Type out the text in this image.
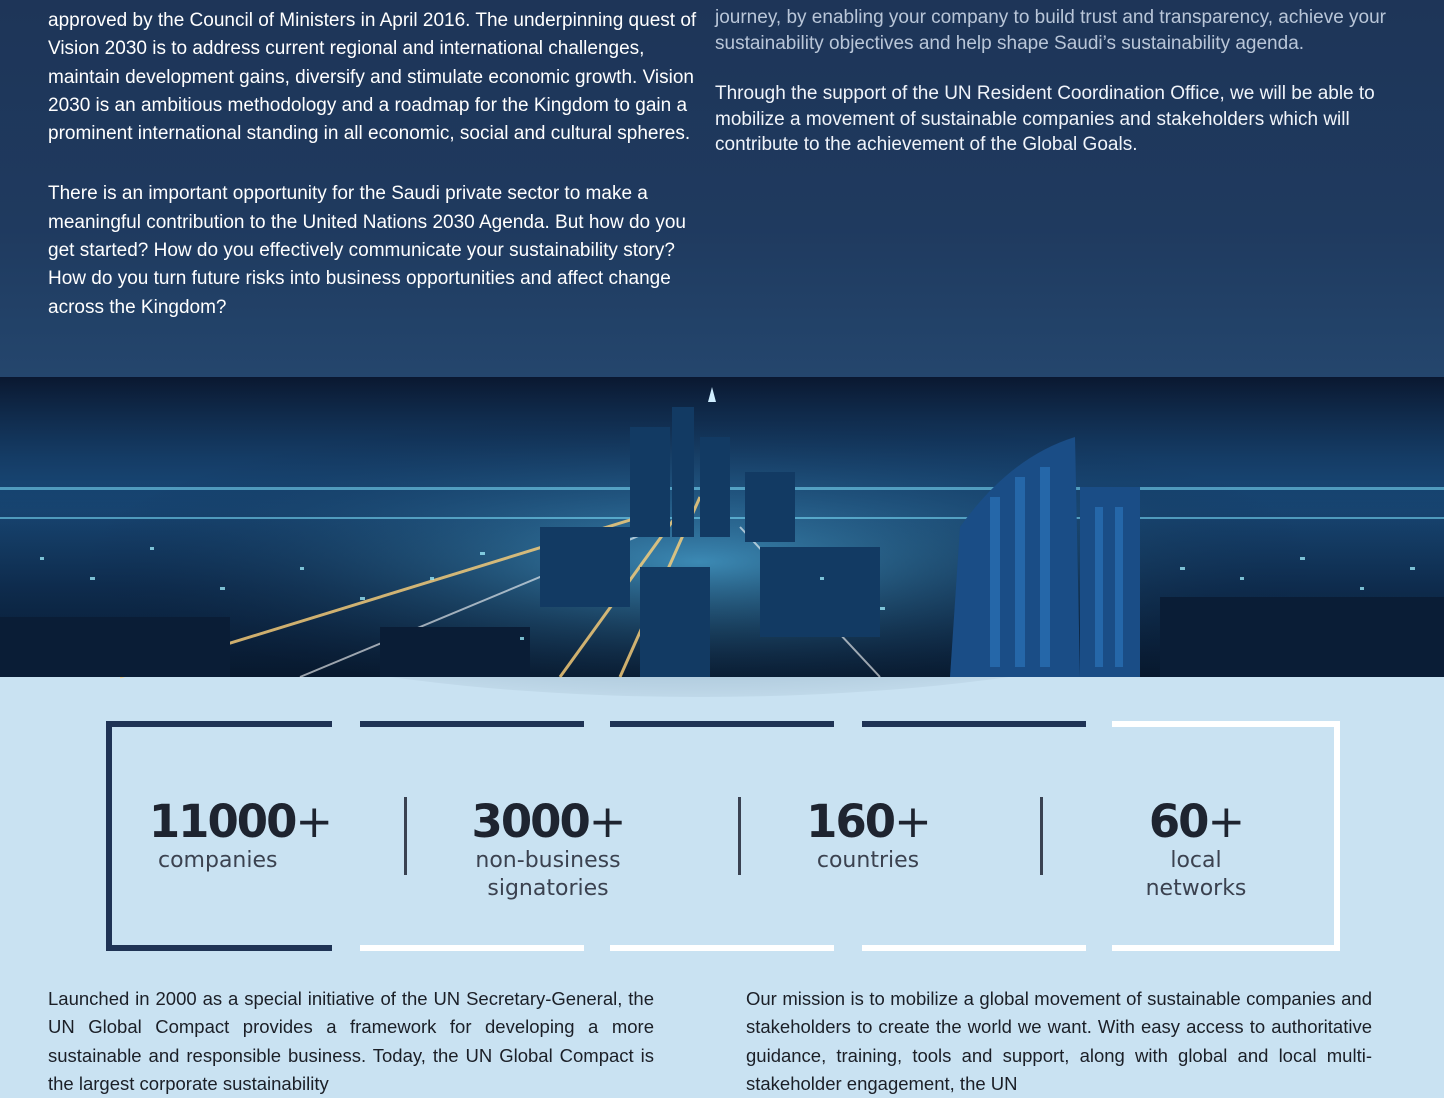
approved by the Council of Ministers in April 2016. The underpinning quest of Vision 2030 is to address current regional and international challenges, maintain development gains, diversify and stimulate economic growth. Vision 2030 is an ambitious methodology and a roadmap for the Kingdom to gain a prominent international standing in all economic, social and cultural spheres.

There is an important opportunity for the Saudi private sector to make a meaningful contribution to the United Nations 2030 Agenda. But how do you get started? How do you effectively communicate your sustainability story? How do you turn future risks into business opportunities and affect change across the Kingdom?

journey, by enabling your company to build trust and transparency, achieve your sustainability objectives and help shape Saudi’s sustainability agenda.

Through the support of the UN Resident Coordination Office, we will be able to mobilize a movement of sustainable companies and stakeholders which will contribute to the achievement of the Global Goals.

11000+
companies
3000+
non-business
signatories
160+
countries
60+
local
networks

Launched in 2000 as a special initiative of the UN Secretary-General, the UN Global Compact provides a framework for developing a more sustainable and responsible business. Today, the UN Global Compact is the largest corporate sustainability

Our mission is to mobilize a global movement of sustainable companies and stakeholders to create the world we want. With easy access to authoritative guidance, training, tools and support, along with global and local multi-stakeholder engagement, the UN
